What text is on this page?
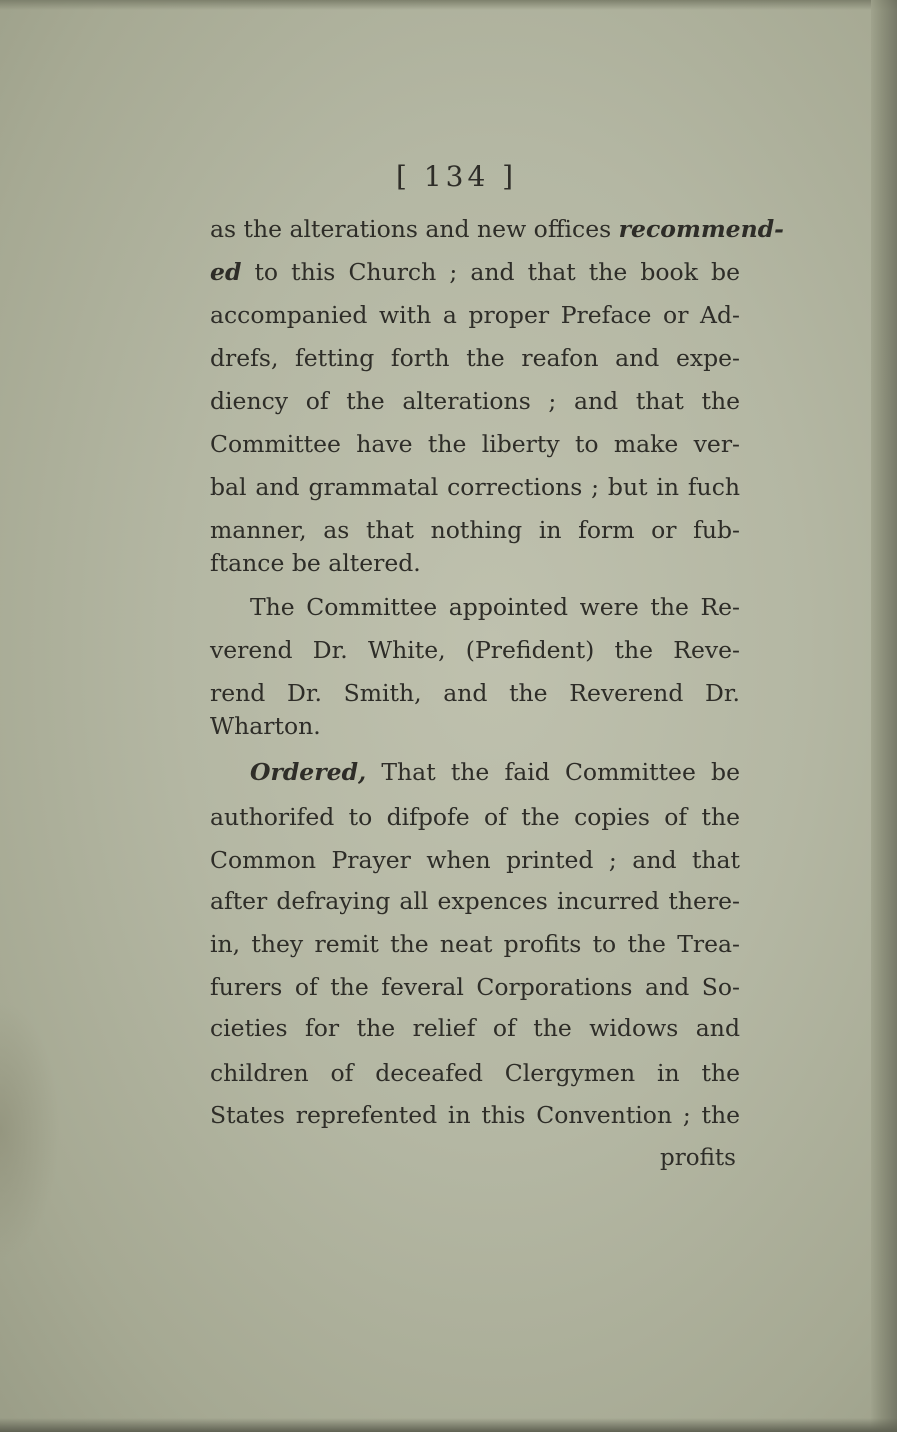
[ 134 ]
as the alterations and new offices recommend-
ed to this Church ; and that the book be
accompanied with a proper Preface or Ad-
drefs, fetting forth the reafon and expe-
diency of the alterations ; and that the
Committee have the liberty to make ver-
bal and grammatal corrections ; but in fuch
manner, as that nothing in form or fub-
ftance be altered.
The Committee appointed were the Re-
verend Dr. White, (Prefident) the Reve-
rend Dr. Smith, and the Reverend Dr.
Wharton.
Ordered, That the faid Committee be
authorifed to difpofe of the copies of the
Common Prayer when printed ; and that
after defraying all expences incurred there-
in, they remit the neat profits to the Trea-
furers of the feveral Corporations and So-
cieties for the relief of the widows and
children of deceafed Clergymen in the
States reprefented in this Convention ; the
profits
